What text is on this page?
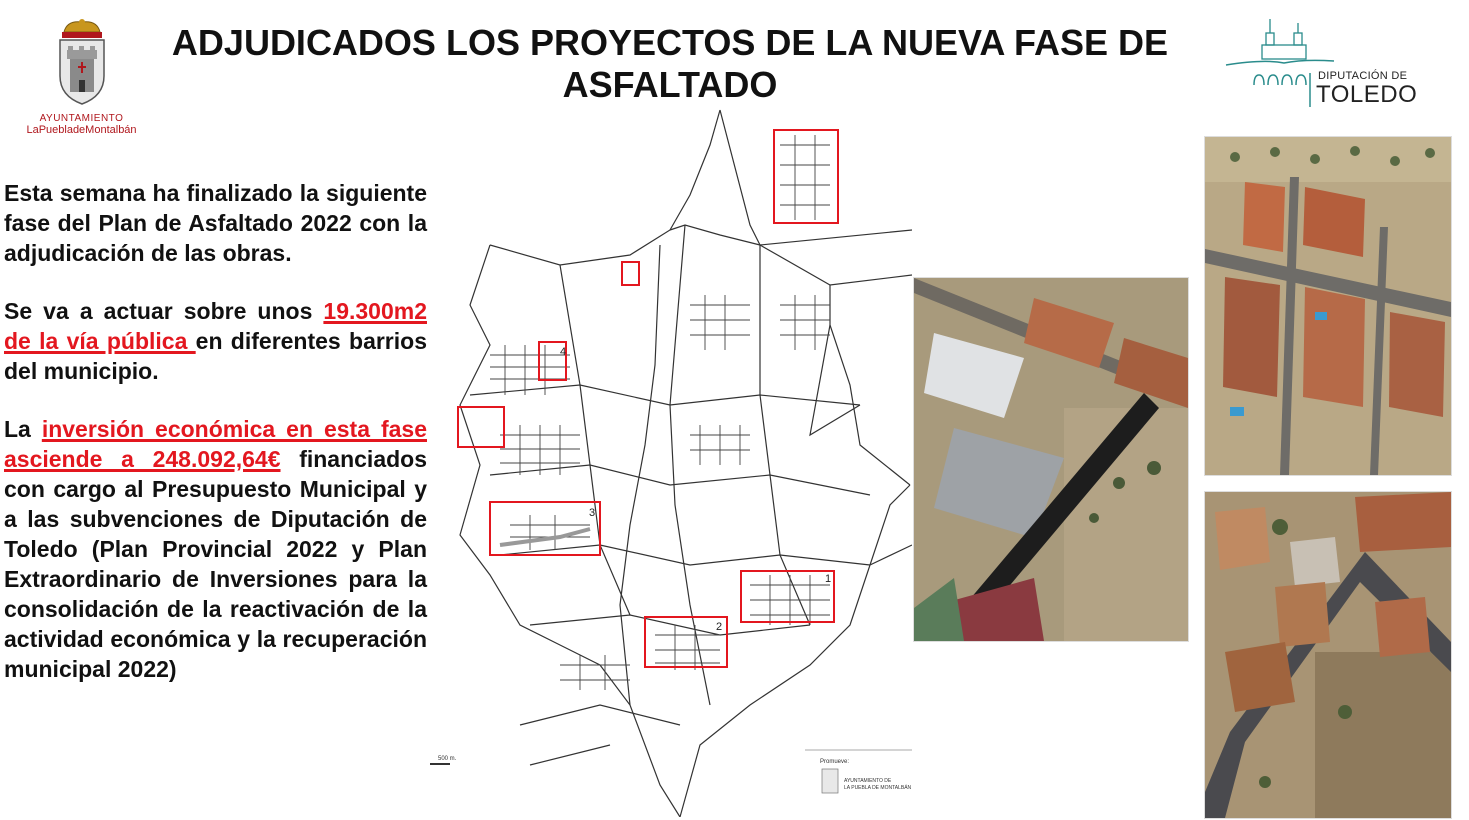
ADJUDICADOS LOS PROYECTOS DE LA NUEVA FASE DE ASFALTADO
AYUNTAMIENTO
LaPuebladeMontalbán
DIPUTACIÓN DE
TOLEDO

Esta semana ha finalizado la siguiente fase del Plan de Asfaltado 2022 con la adjudicación de las obras.

Se va a actuar sobre unos 19.300m2 de la vía pública en diferentes barrios del municipio.

La inversión económica en esta fase asciende a 248.092,64€ financiados con cargo al Presupuesto Municipal y a las subvenciones de Diputación de Toledo (Plan Provincial 2022 y Plan Extraordinario de Inversiones para la consolidación de la reactivación de la actividad económica y la recuperación municipal 2022)

1
2
3
4
500 m.	Promueve:
AYUNTAMIENTO DE
LA PUEBLA DE MONTALBÁN
